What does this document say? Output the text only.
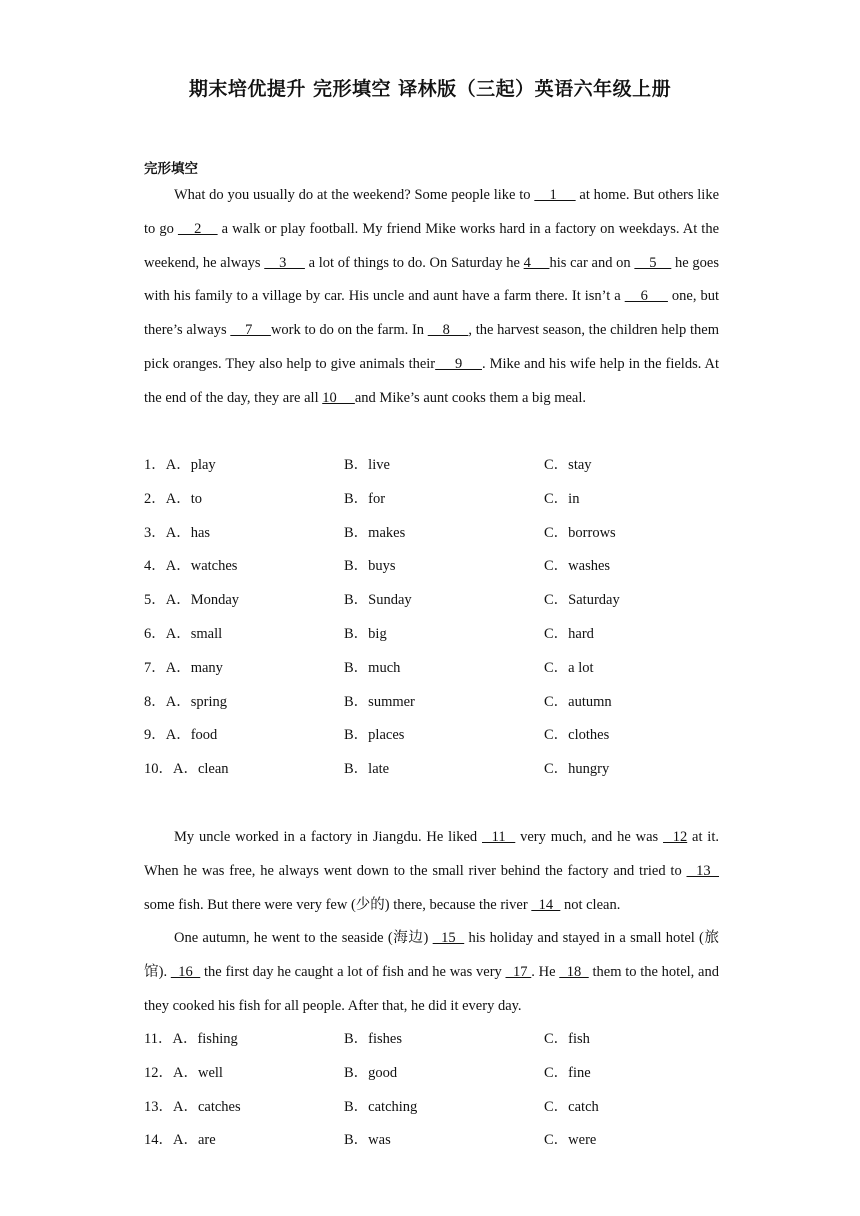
期末培优提升 完形填空 译林版（三起）英语六年级上册
完形填空
What do you usually do at the weekend? Some people like to     1      at home. But others like to go     2     a walk or play football. My friend Mike works hard in a factory on weekdays. At the weekend, he always     3      a lot of things to do. On Saturday he 4     his car and on     5     he goes with his family to a village by car. His uncle and aunt have a farm there. It isn’t a     6      one, but there’s always     7     work to do on the farm. In     8     , the harvest season, the children help them pick oranges. They also help to give animals their     9     . Mike and his wife help in the fields. At the end of the day, they are all 10     and Mike’s aunt cooks them a big meal.
1．A．play	B．live	C．stay
2．A．to	B．for	C．in
3．A．has	B．makes	C．borrows
4．A．watches	B．buys	C．washes
5．A．Monday	B．Sunday	C．Saturday
6．A．small	B．big	C．hard
7．A．many	B．much	C．a lot
8．A．spring	B．summer	C．autumn
9．A．food	B．places	C．clothes
10．A．clean	B．late	C．hungry
My uncle worked in a factory in Jiangdu. He liked   11   very much, and he was   12 at it. When he was free, he always went down to the small river behind the factory and tried to   13   some fish. But there were very few (少的) there, because the river   14   not clean.
One autumn, he went to the seaside (海边)   15   his holiday and stayed in a small hotel (旅馆).   16   the first day he caught a lot of fish and he was very   17 . He   18   them to the hotel, and they cooked his fish for all people. After that, he did it every day.
11．A．fishing	B．fishes	C．fish
12．A．well	B．good	C．fine
13．A．catches	B．catching	C．catch
14．A．are	B．was	C．were
